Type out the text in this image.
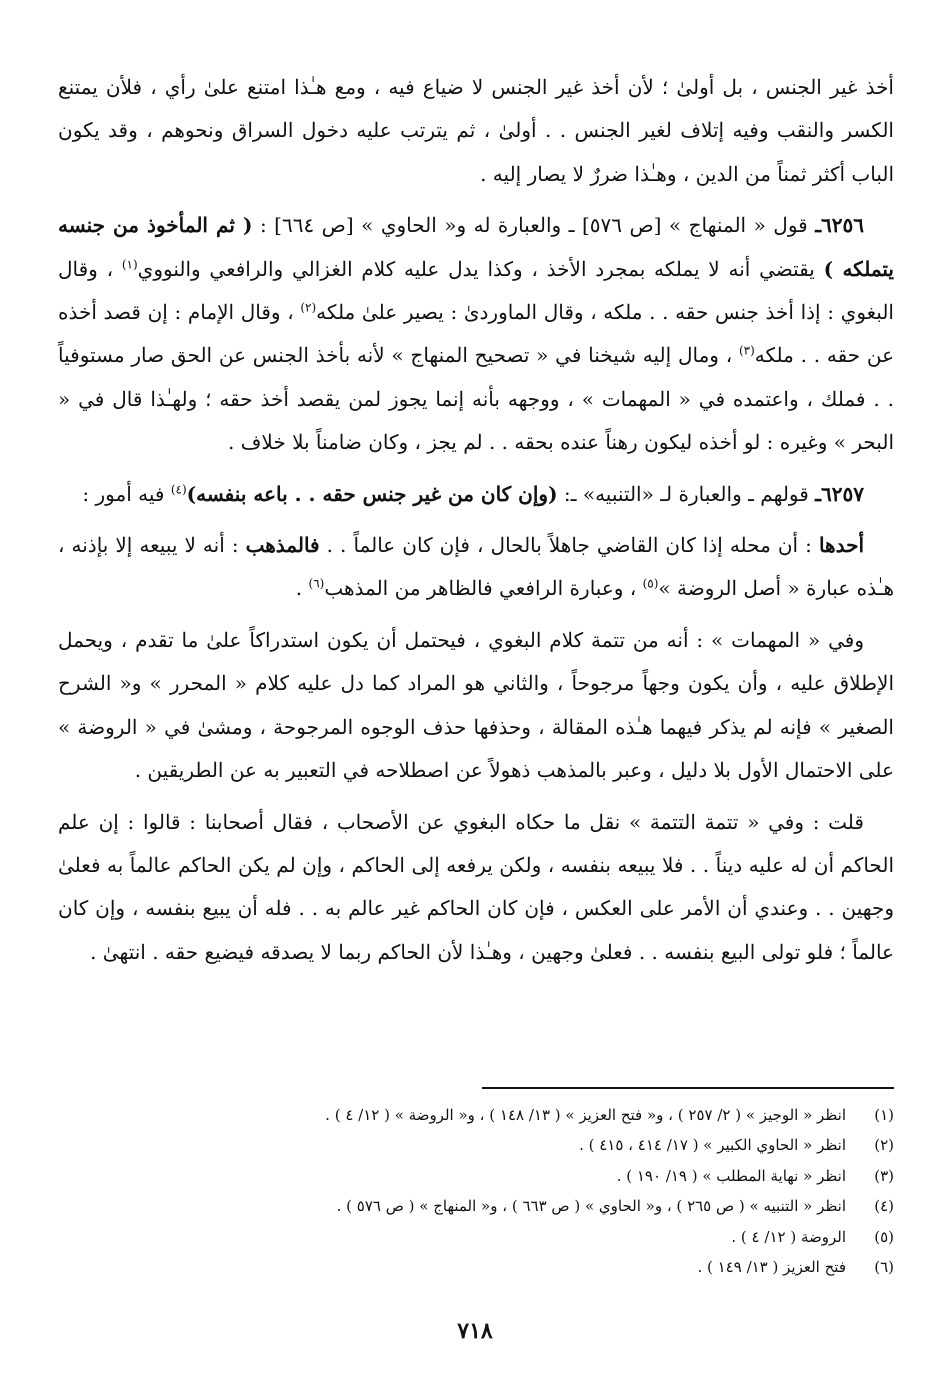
أخذ غير الجنس ، بل أولىٰ ؛ لأن أخذ غير الجنس لا ضياع فيه ، ومع هـٰذا امتنع علىٰ رأي ، فلأن يمتنع الكسر والنقب وفيه إتلاف لغير الجنس . . أولىٰ ، ثم يترتب عليه دخول السراق ونحوهم ، وقد يكون الباب أكثر ثمناً من الدين ، وهـٰذا ضررٌ لا يصار إليه .

٦٢٥٦ـ قول « المنهاج » [ص ٥٧٦] ـ والعبارة له و« الحاوي » [ص ٦٦٤] : ( ثم المأخوذ من جنسه يتملكه ) يقتضي أنه لا يملكه بمجرد الأخذ ، وكذا يدل عليه كلام الغزالي والرافعي والنووي$^{(١)}$ ، وقال البغوي : إذا أخذ جنس حقه . . ملكه ، وقال الماوردىٰ : يصير علىٰ ملكه$^{(٢)}$ ، وقال الإمام : إن قصد أخذه عن حقه . . ملكه$^{(٣)}$ ، ومال إليه شيخنا في « تصحيح المنهاج » لأنه بأخذ الجنس عن الحق صار مستوفياً . . فملك ، واعتمده في « المهمات » ، ووجهه بأنه إنما يجوز لمن يقصد أخذ حقه ؛ ولهـٰذا قال في « البحر » وغيره : لو أخذه ليكون رهناً عنده بحقه . . لم يجز ، وكان ضامناً بلا خلاف .

٦٢٥٧ـ قولهم ـ والعبارة لـ «التنبيه» ـ: (وإن كان من غير جنس حقه . . باعه بنفسه)$^{(٤)}$ فيه أمور :

أحدها : أن محله إذا كان القاضي جاهلاً بالحال ، فإن كان عالماً . . فالمذهب : أنه لا يبيعه إلا بإذنه ، هـٰذه عبارة « أصل الروضة »$^{(٥)}$ ، وعبارة الرافعي فالظاهر من المذهب$^{(٦)}$ .

وفي « المهمات » : أنه من تتمة كلام البغوي ، فيحتمل أن يكون استدراكاً علىٰ ما تقدم ، ويحمل الإطلاق عليه ، وأن يكون وجهاً مرجوحاً ، والثاني هو المراد كما دل عليه كلام « المحرر » و« الشرح الصغير » فإنه لم يذكر فيهما هـٰذه المقالة ، وحذفها حذف الوجوه المرجوحة ، ومشىٰ في « الروضة » على الاحتمال الأول بلا دليل ، وعبر بالمذهب ذهولاً عن اصطلاحه في التعبير به عن الطريقين .

قلت : وفي « تتمة التتمة » نقل ما حكاه البغوي عن الأصحاب ، فقال أصحابنا : قالوا : إن علم الحاكم أن له عليه ديناً . . فلا يبيعه بنفسه ، ولكن يرفعه إلى الحاكم ، وإن لم يكن الحاكم عالماً به فعلىٰ وجهين . . وعندي أن الأمر على العكس ، فإن كان الحاكم غير عالم به . . فله أن يبيع بنفسه ، وإن كان عالماً ؛ فلو تولى البيع بنفسه . . فعلىٰ وجهين ، وهـٰذا لأن الحاكم ربما لا يصدقه فيضيع حقه . انتهىٰ .

(١)
انظر « الوجيز » ( ٢/ ٢٥٧ ) ، و« فتح العزيز » ( ١٣/ ١٤٨ ) ، و« الروضة » ( ١٢/ ٤ ) .
(٢)
انظر « الحاوي الكبير » ( ١٧/ ٤١٤ ، ٤١٥ ) .
(٣)
انظر « نهاية المطلب » ( ١٩/ ١٩٠ ) .
(٤)
انظر « التنبيه » ( ص ٢٦٥ ) ، و« الحاوي » ( ص ٦٦٣ ) ، و« المنهاج » ( ص ٥٧٦ ) .
(٥)
الروضة ( ١٢/ ٤ ) .
(٦)
فتح العزيز ( ١٣/ ١٤٩ ) .
٧١٨
